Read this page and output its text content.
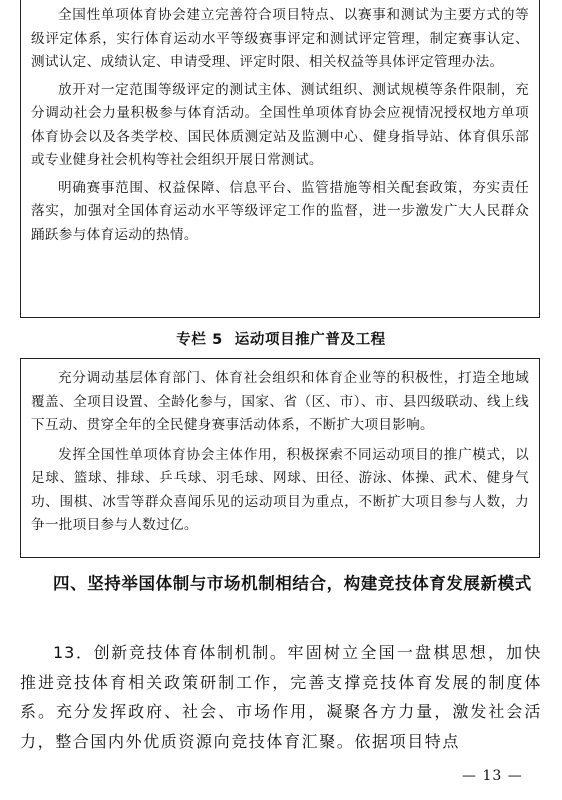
全国性单项体育协会建立完善符合项目特点、以赛事和测试为主要方式的等级评定体系，实行体育运动水平等级赛事评定和测试评定管理，制定赛事认定、测试认定、成绩认定、申请受理、评定时限、相关权益等具体评定管理办法。

放开对一定范围等级评定的测试主体、测试组织、测试规模等条件限制，充分调动社会力量积极参与体育活动。全国性单项体育协会应视情况授权地方单项体育协会以及各类学校、国民体质测定站及监测中心、健身指导站、体育俱乐部或专业健身社会机构等社会组织开展日常测试。

明确赛事范围、权益保障、信息平台、监管措施等相关配套政策，夯实责任落实，加强对全国体育运动水平等级评定工作的监督，进一步激发广大人民群众踊跃参与体育运动的热情。

专栏 5 运动项目推广普及工程

充分调动基层体育部门、体育社会组织和体育企业等的积极性，打造全地域覆盖、全项目设置、全龄化参与，国家、省（区、市）、市、县四级联动、线上线下互动、贯穿全年的全民健身赛事活动体系，不断扩大项目影响。

发挥全国性单项体育协会主体作用，积极探索不同运动项目的推广模式，以足球、篮球、排球、乒乓球、羽毛球、网球、田径、游泳、体操、武术、健身气功、围棋、冰雪等群众喜闻乐见的运动项目为重点，不断扩大项目参与人数，力争一批项目参与人数过亿。

四、坚持举国体制与市场机制相结合，构建竞技体育发展新模式

13．创新竞技体育体制机制。牢固树立全国一盘棋思想，加快推进竞技体育相关政策研制工作，完善支撑竞技体育发展的制度体系。充分发挥政府、社会、市场作用，凝聚各方力量，激发社会活力，整合国内外优质资源向竞技体育汇聚。依据项目特点

— 13 —
